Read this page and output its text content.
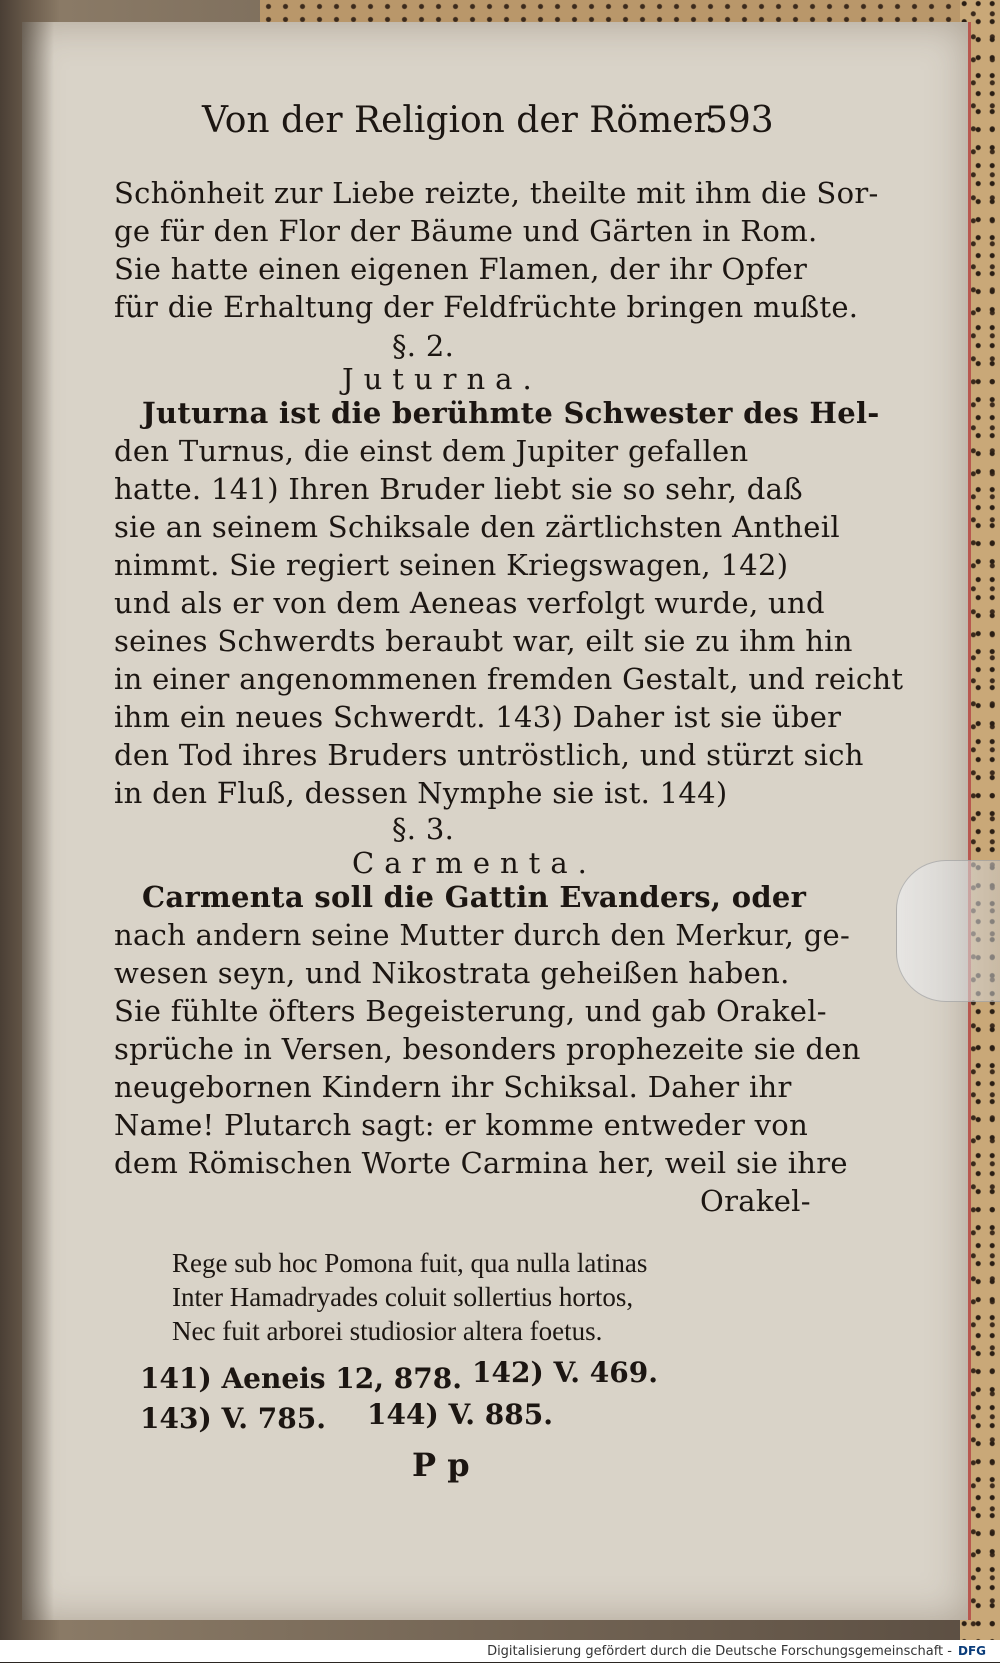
Von der Religion der Römer.
593
Schönheit zur Liebe reizte, theilte mit ihm die Sor-
ge für den Flor der Bäume und Gärten in Rom.
Sie hatte einen eigenen Flamen, der ihr Opfer
für die Erhaltung der Feldfrüchte bringen mußte.
§. 2.
Juturna.
Juturna ist die berühmte Schwester des Hel-
den Turnus, die einst dem Jupiter gefallen
hatte. 141) Ihren Bruder liebt sie so sehr, daß
sie an seinem Schiksale den zärtlichsten Antheil
nimmt. Sie regiert seinen Kriegswagen, 142)
und als er von dem Aeneas verfolgt wurde, und
seines Schwerdts beraubt war, eilt sie zu ihm hin
in einer angenommenen fremden Gestalt, und reicht
ihm ein neues Schwerdt. 143) Daher ist sie über
den Tod ihres Bruders untröstlich, und stürzt sich
in den Fluß, dessen Nymphe sie ist. 144)
§. 3.
Carmenta.
Carmenta soll die Gattin Evanders, oder
nach andern seine Mutter durch den Merkur, ge-
wesen seyn, und Nikostrata geheißen haben.
Sie fühlte öfters Begeisterung, und gab Orakel-
sprüche in Versen, besonders prophezeite sie den
neugebornen Kindern ihr Schiksal. Daher ihr
Name! Plutarch sagt: er komme entweder von
dem Römischen Worte Carmina her, weil sie ihre
Orakel-
Rege sub hoc Pomona fuit, qua nulla latinas
Inter Hamadryades coluit sollertius hortos,
Nec fuit arborei studiosior altera foetus.
141) Aeneis 12, 878. 142) V. 469.
143) V. 785. 144) V. 885.
P p
Digitalisierung gefördert durch die Deutsche Forschungsgemeinschaft - DFG
